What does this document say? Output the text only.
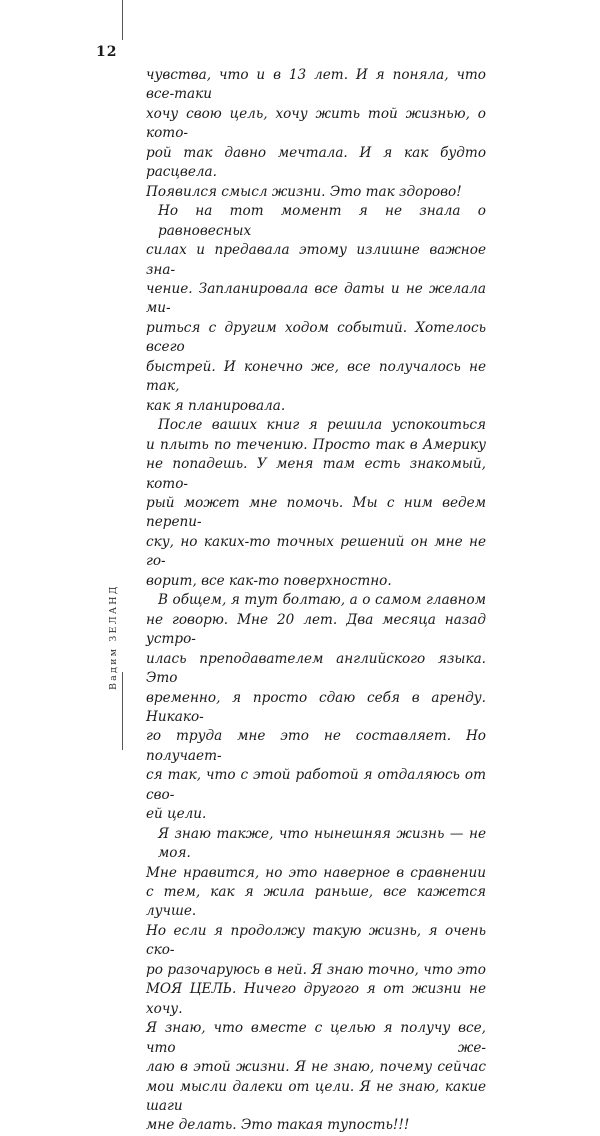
12
Вадим ЗЕЛАНД
чувства, что и в 13 лет. И я поняла, что все-таки
хочу свою цель, хочу жить той жизнью, о кото-
рой так давно мечтала. И я как будто расцвела.
Появился смысл жизни. Это так здорово!
Но на тот момент я не знала о равновесных
силах и предавала этому излишне важное зна-
чение. Запланировала все даты и не желала ми-
риться с другим ходом событий. Хотелось всего
быстрей. И конечно же, все получалось не так,
как я планировала.
После ваших книг я решила успокоиться
и плыть по течению. Просто так в Америку
не попадешь. У меня там есть знакомый, кото-
рый может мне помочь. Мы с ним ведем перепи-
ску, но каких-то точных решений он мне не го-
ворит, все как-то поверхностно.
В общем, я тут болтаю, а о самом главном
не говорю. Мне 20 лет. Два месяца назад устро-
илась преподавателем английского языка. Это
временно, я просто сдаю себя в аренду. Никако-
го труда мне это не составляет. Но получает-
ся так, что с этой работой я отдаляюсь от сво-
ей цели.
Я знаю также, что нынешняя жизнь — не моя.
Мне нравится, но это наверное в сравнении
с тем, как я жила раньше, все кажется лучше.
Но если я продолжу такую жизнь, я очень ско-
ро разочаруюсь в ней. Я знаю точно, что это
МОЯ ЦЕЛЬ. Ничего другого я от жизни не хочу.
Я знаю, что вместе с целью я получу все, что же-
лаю в этой жизни. Я не знаю, почему сейчас
мои мысли далеки от цели. Я не знаю, какие шаги
мне делать. Это такая тупость!!!
